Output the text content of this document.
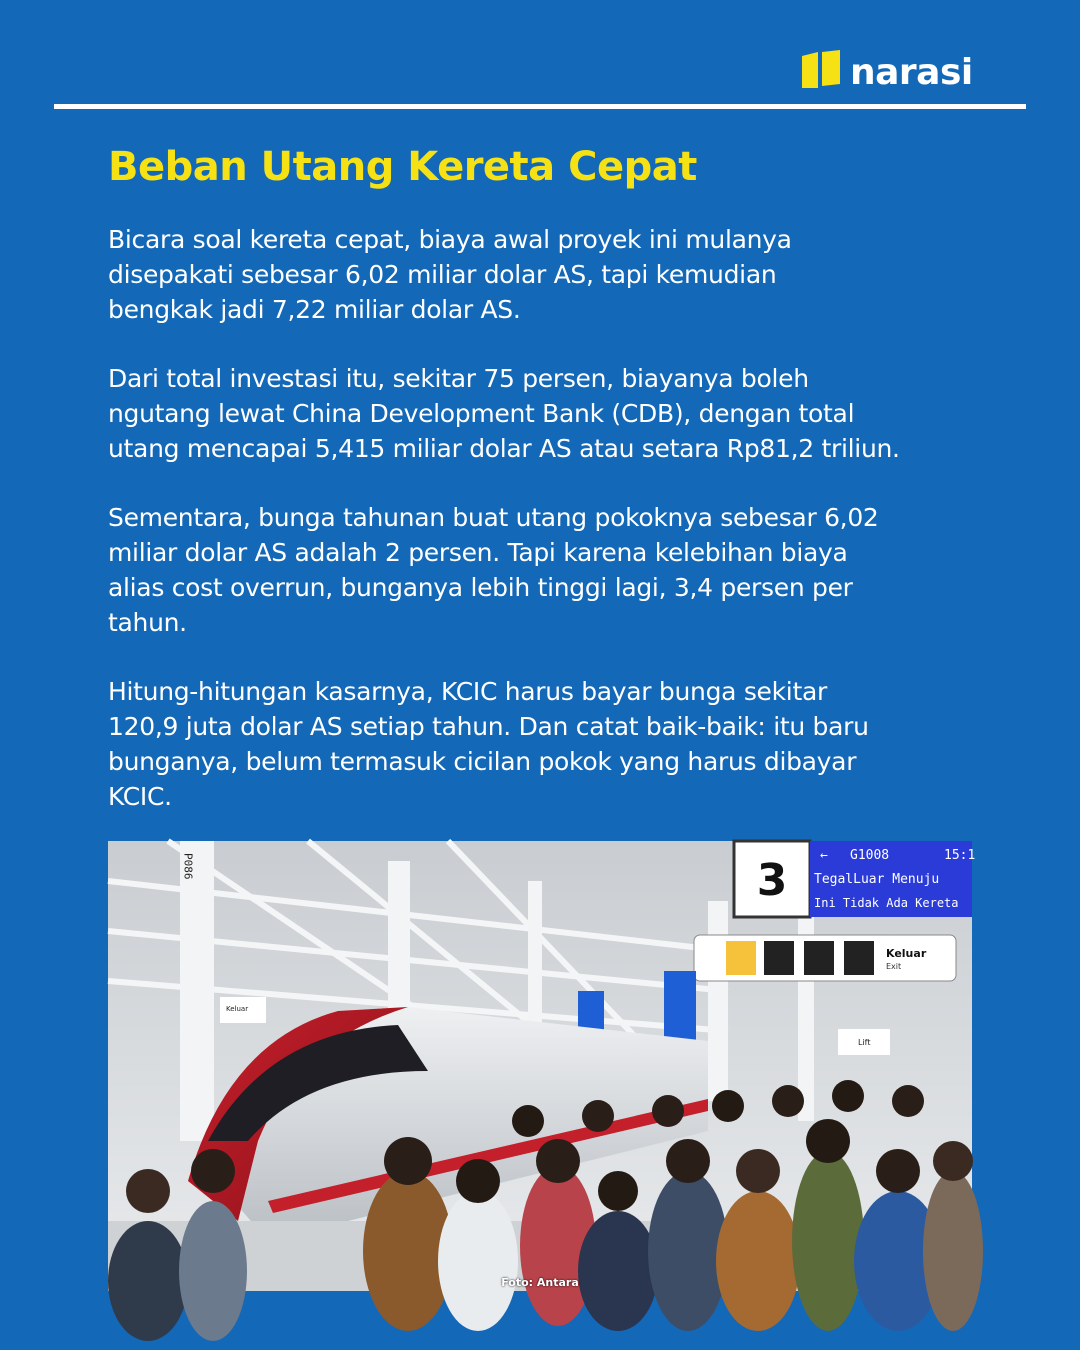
narasi
Beban Utang Kereta Cepat

Bicara soal kereta cepat, biaya awal proyek ini mulanya
disepakati sebesar 6,02 miliar dolar AS, tapi kemudian
bengkak jadi 7,22 miliar dolar AS.

Dari total investasi itu, sekitar 75 persen, biayanya boleh
ngutang lewat China Development Bank (CDB), dengan total
utang mencapai 5,415 miliar dolar AS atau setara Rp81,2 triliun.

Sementara, bunga tahunan buat utang pokoknya sebesar 6,02
miliar dolar AS adalah 2 persen. Tapi karena kelebihan biaya
alias cost overrun, bunganya lebih tinggi lagi, 3,4 persen per
tahun.

Hitung-hitungan kasarnya, KCIC harus bayar bunga sekitar
120,9 juta dolar AS setiap tahun. Dan catat baik-baik: itu baru
bunganya, belum termasuk cicilan pokok yang harus dibayar
KCIC.

P086
Keluar
3	← G1008	15:1
TegalLuar Menuju
Ini Tidak Ada Kereta
Keluar
Exit
Lift
Foto: Antara
